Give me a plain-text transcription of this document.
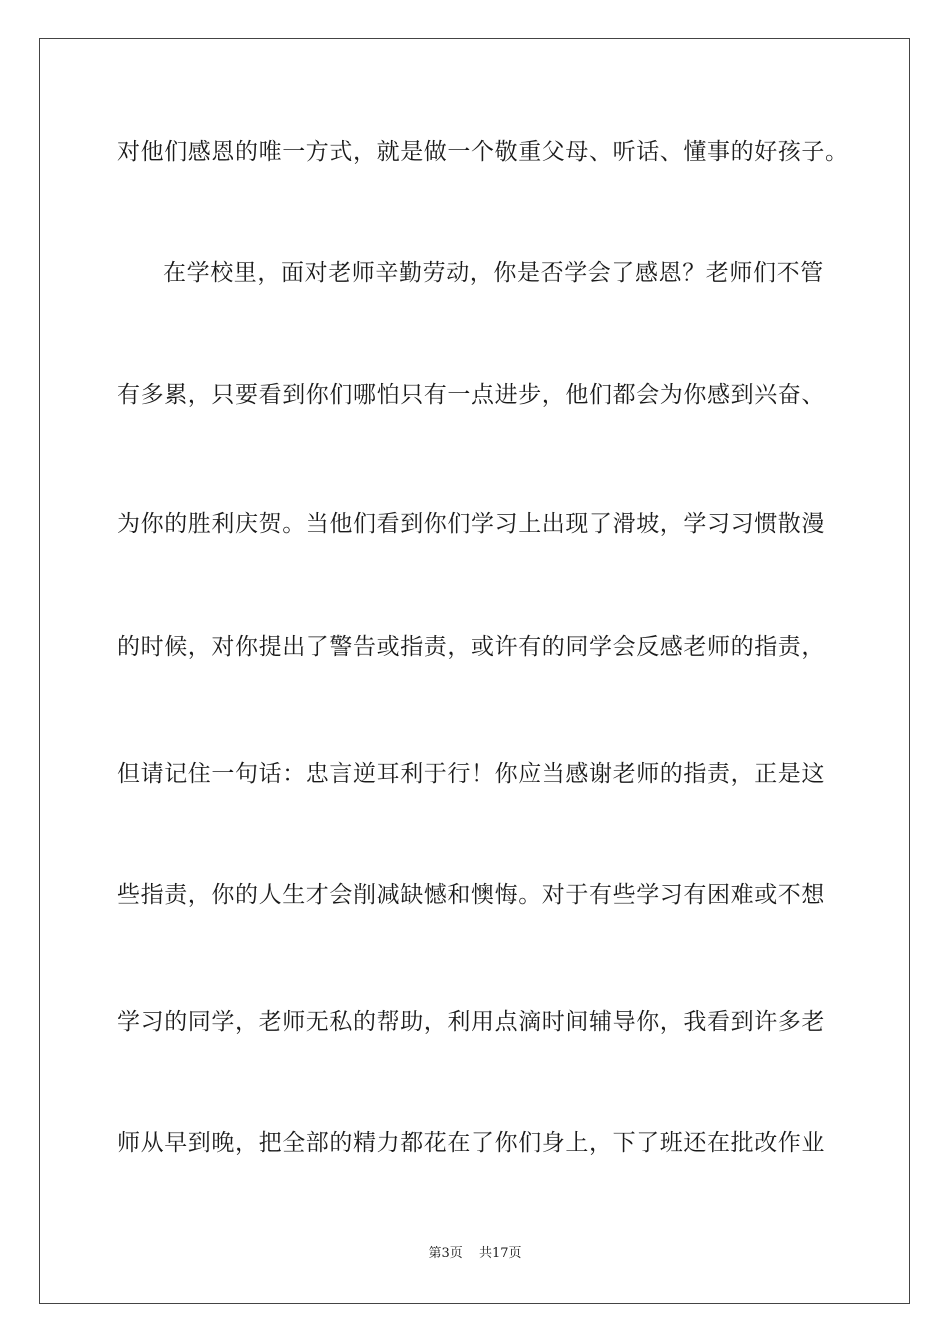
对他们感恩的唯一方式，就是做一个敬重父母、听话、懂事的好孩子。
在学校里，面对老师辛勤劳动，你是否学会了感恩？老师们不管
有多累，只要看到你们哪怕只有一点进步，他们都会为你感到兴奋、
为你的胜利庆贺。当他们看到你们学习上出现了滑坡，学习习惯散漫
的时候，对你提出了警告或指责，或许有的同学会反感老师的指责，
但请记住一句话：忠言逆耳利于行！你应当感谢老师的指责，正是这
些指责，你的人生才会削减缺憾和懊悔。对于有些学习有困难或不想
学习的同学，老师无私的帮助，利用点滴时间辅导你，我看到许多老
师从早到晚，把全部的精力都花在了你们身上，下了班还在批改作业
第3页 共17页
